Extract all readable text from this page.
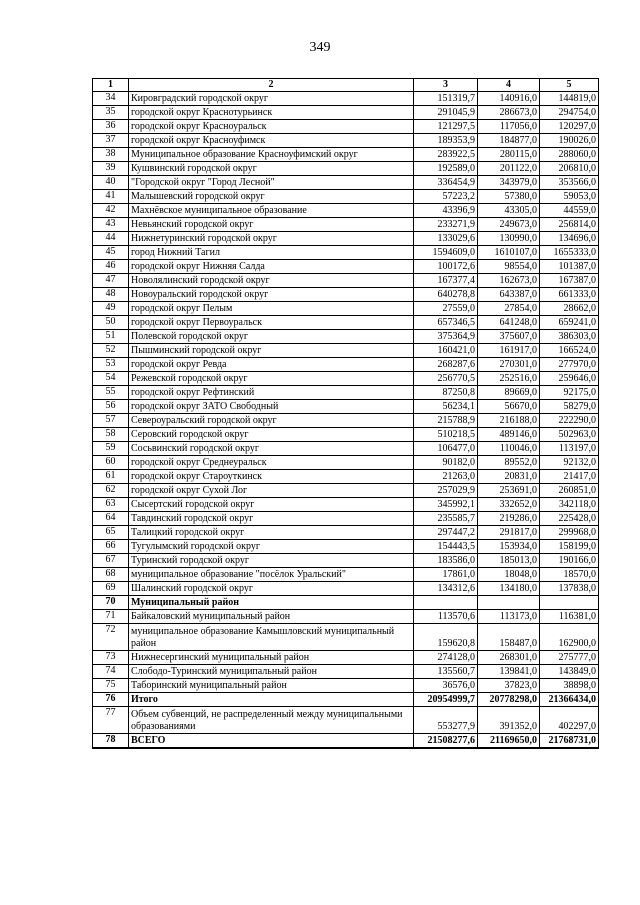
349
1	2	3	4	5
34	Кировградский городской округ	151319,7	140916,0	144819,0
35	городской округ Краснотурьинск	291045,9	286673,0	294754,0
36	городской округ Красноуральск	121297,5	117056,0	120297,0
37	городской округ Красноуфимск	189353,9	184877,0	190026,0
38	Муниципальное образование Красноуфимский округ	283922,5	280115,0	288060,0
39	Кушвинский городской округ	192589,0	201122,0	206810,0
40	"Городской округ "Город Лесной"	336454,9	343979,0	353566,0
41	Малышевский городской округ	57223,2	57380,0	59053,0
42	Махнёвское муниципальное образование	43396,9	43305,0	44559,0
43	Невьянский городской округ	233271,9	249673,0	256814,0
44	Нижнетуринский городской округ	133029,6	130990,0	134696,0
45	город Нижний Тагил	1594609,0	1610107,0	1655333,0
46	городской округ Нижняя Салда	100172,6	98554,0	101387,0
47	Новолялинский городской округ	167377,4	162673,0	167387,0
48	Новоуральский городской округ	640278,8	643387,0	661333,0
49	городской округ Пелым	27559,0	27854,0	28662,0
50	городской округ Первоуральск	657346,5	641248,0	659241,0
51	Полевской городской округ	375364,9	375607,0	386303,0
52	Пышминский городской округ	160421,0	161917,0	166524,0
53	городской округ Ревда	268287,6	270301,0	277970,0
54	Режевской городской округ	256770,5	252516,0	259646,0
55	городской округ Рефтинский	87250,8	89669,0	92175,0
56	городской округ ЗАТО Свободный	56234,1	56670,0	58279,0
57	Североуральский городской округ	215788,9	216188,0	222290,0
58	Серовский городской округ	510218,5	489146,0	502963,0
59	Сосьвинский городской округ	106477,0	110046,0	113197,0
60	городской округ Среднеуральск	90182,0	89552,0	92132,0
61	городской округ Староуткинск	21263,0	20831,0	21417,0
62	городской округ Сухой Лог	257029,9	253691,0	260851,0
63	Сысертский городской округ	345992,1	332652,0	342118,0
64	Тавдинский городской округ	235585,7	219286,0	225428,0
65	Талицкий городской округ	297447,2	291817,0	299968,0
66	Тугулымский городской округ	154443,5	153934,0	158199,0
67	Туринский городской округ	183586,0	185013,0	190166,0
68	муниципальное образование "посёлок Уральский"	17861,0	18048,0	18570,0
69	Шалинский городской округ	134312,6	134180,0	137838,0
70	Муниципальный район			
71	Байкаловский муниципальный район	113570,6	113173,0	116381,0
72	муниципальное образование Камышловский муниципальный район	159620,8	158487,0	162900,0
73	Нижнесергинский муниципальный район	274128,0	268301,0	275777,0
74	Слободо-Туринский муниципальный район	135560,7	139841,0	143849,0
75	Таборинский муниципальный район	36576,0	37823,0	38898,0
76	Итого	20954999,7	20778298,0	21366434,0
77	Объем субвенций, не распределенный между муниципальными образованиями	553277,9	391352,0	402297,0
78	ВСЕГО	21508277,6	21169650,0	21768731,0
